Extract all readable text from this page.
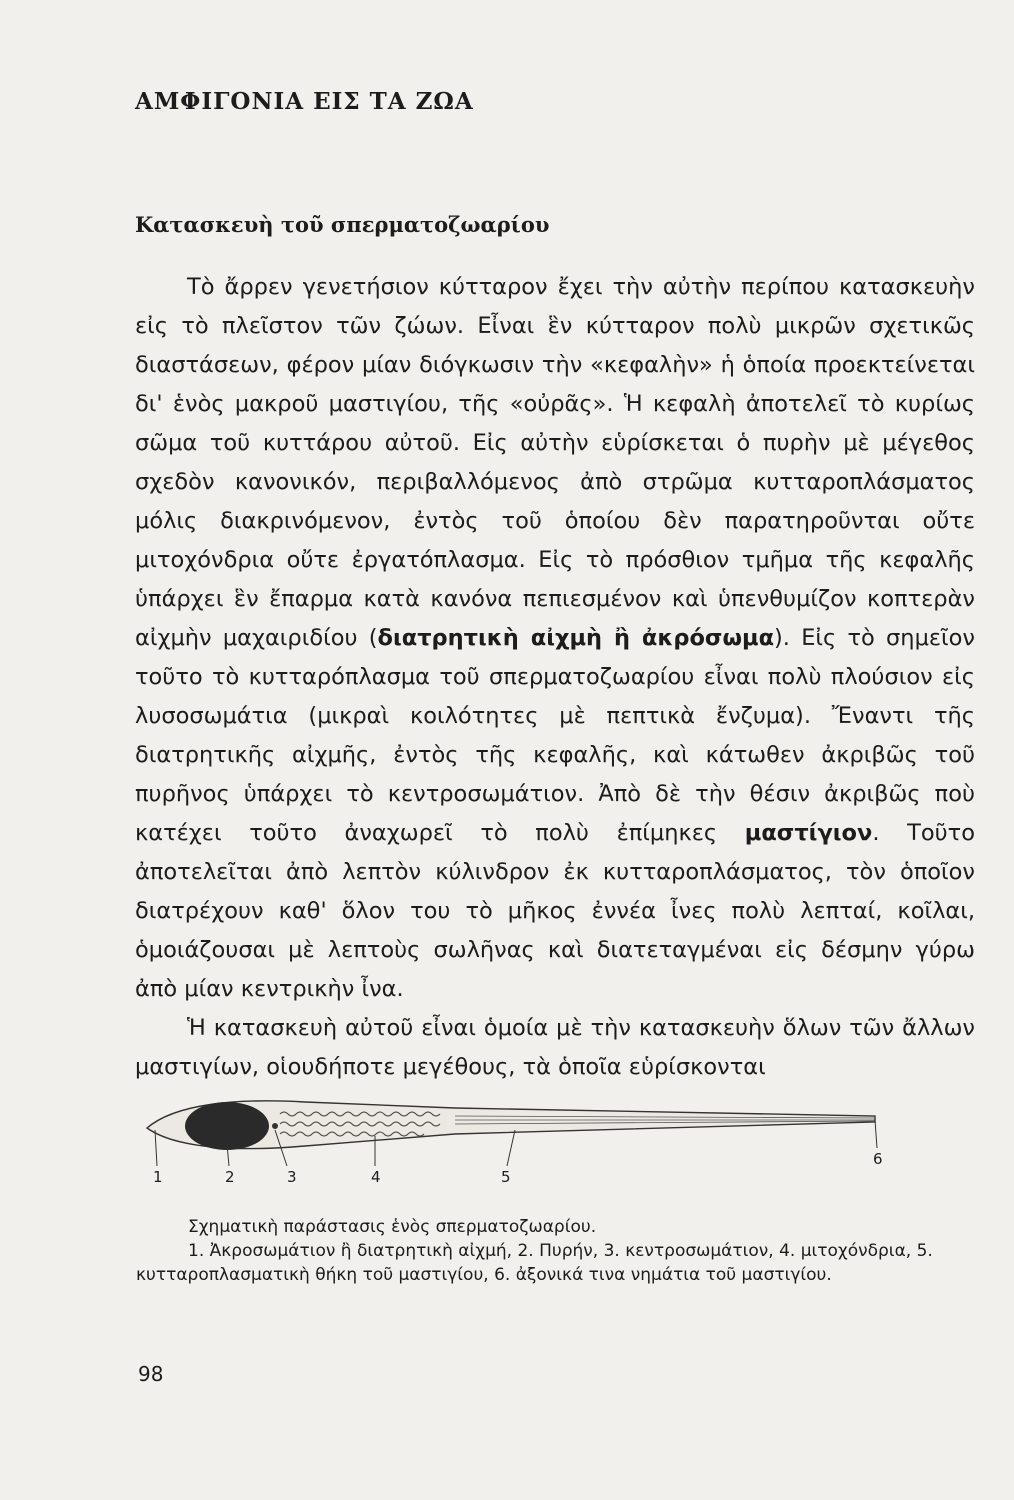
ΑΜΦΙΓΟΝΙΑ ΕΙΣ ΤΑ ΖΩΑ
Κατασκευὴ τοῦ σπερματοζωαρίου

Τὸ ἄρρεν γενετήσιον κύτταρον ἔχει τὴν αὐτὴν περίπου κατασκευὴν εἰς τὸ πλεῖστον τῶν ζώων. Εἶναι ἓν κύτταρον πολὺ μικρῶν σχετικῶς διαστάσεων, φέρον μίαν διόγκωσιν τὴν «κεφαλὴν» ἡ ὁποία προεκτείνεται δι' ἑνὸς μακροῦ μαστιγίου, τῆς «οὐρᾶς». Ἡ κεφαλὴ ἀποτελεῖ τὸ κυρίως σῶμα τοῦ κυττάρου αὐτοῦ. Εἰς αὐτὴν εὑρίσκεται ὁ πυρὴν μὲ μέγεθος σχεδὸν κανονικόν, περιβαλλόμενος ἀπὸ στρῶμα κυτταροπλάσματος μόλις διακρινόμενον, ἐντὸς τοῦ ὁποίου δὲν παρατηροῦνται οὔτε μιτοχόνδρια οὔτε ἐργατόπλασμα. Εἰς τὸ πρόσθιον τμῆμα τῆς κεφαλῆς ὑπάρχει ἓν ἔπαρμα κατὰ κανόνα πεπιεσμένον καὶ ὑπενθυμίζον κοπτερὰν αἰχμὴν μαχαιριδίου (διατρητικὴ αἰχμὴ ἢ ἀκρόσωμα). Εἰς τὸ σημεῖον τοῦτο τὸ κυτταρόπλασμα τοῦ σπερματοζωαρίου εἶναι πολὺ πλούσιον εἰς λυσοσωμάτια (μικραὶ κοιλότητες μὲ πεπτικὰ ἔνζυμα). Ἔναντι τῆς διατρητικῆς αἰχμῆς, ἐντὸς τῆς κεφαλῆς, καὶ κάτωθεν ἀκριβῶς τοῦ πυρῆνος ὑπάρχει τὸ κεντροσωμάτιον. Ἀπὸ δὲ τὴν θέσιν ἀκριβῶς ποὺ κατέχει τοῦτο ἀναχωρεῖ τὸ πολὺ ἐπίμηκες μαστίγιον. Τοῦτο ἀποτελεῖται ἀπὸ λεπτὸν κύλινδρον ἐκ κυτταροπλάσματος, τὸν ὁποῖον διατρέχουν καθ' ὅλον του τὸ μῆκος ἐννέα ἶνες πολὺ λεπταί, κοῖλαι, ὁμοιάζουσαι μὲ λεπτοὺς σωλῆνας καὶ διατεταγμέναι εἰς δέσμην γύρω ἀπὸ μίαν κεντρικὴν ἶνα.

Ἡ κατασκευὴ αὐτοῦ εἶναι ὁμοία μὲ τὴν κατασκευὴν ὅλων τῶν ἄλλων μαστιγίων, οἱουδήποτε μεγέθους, τὰ ὁποῖα εὑρίσκονται

1	2	3	4	5
6

Σχηματικὴ παράστασις ἑνὸς σπερματοζωαρίου.

1. Ἀκροσωμάτιον ἢ διατρητικὴ αἰχμή, 2. Πυρήν, 3. κεντροσωμάτιον, 4. μιτοχόνδρια, 5. κυτταροπλασματικὴ θήκη τοῦ μαστιγίου, 6. ἀξονικά τινα νημάτια τοῦ μαστιγίου.

98
